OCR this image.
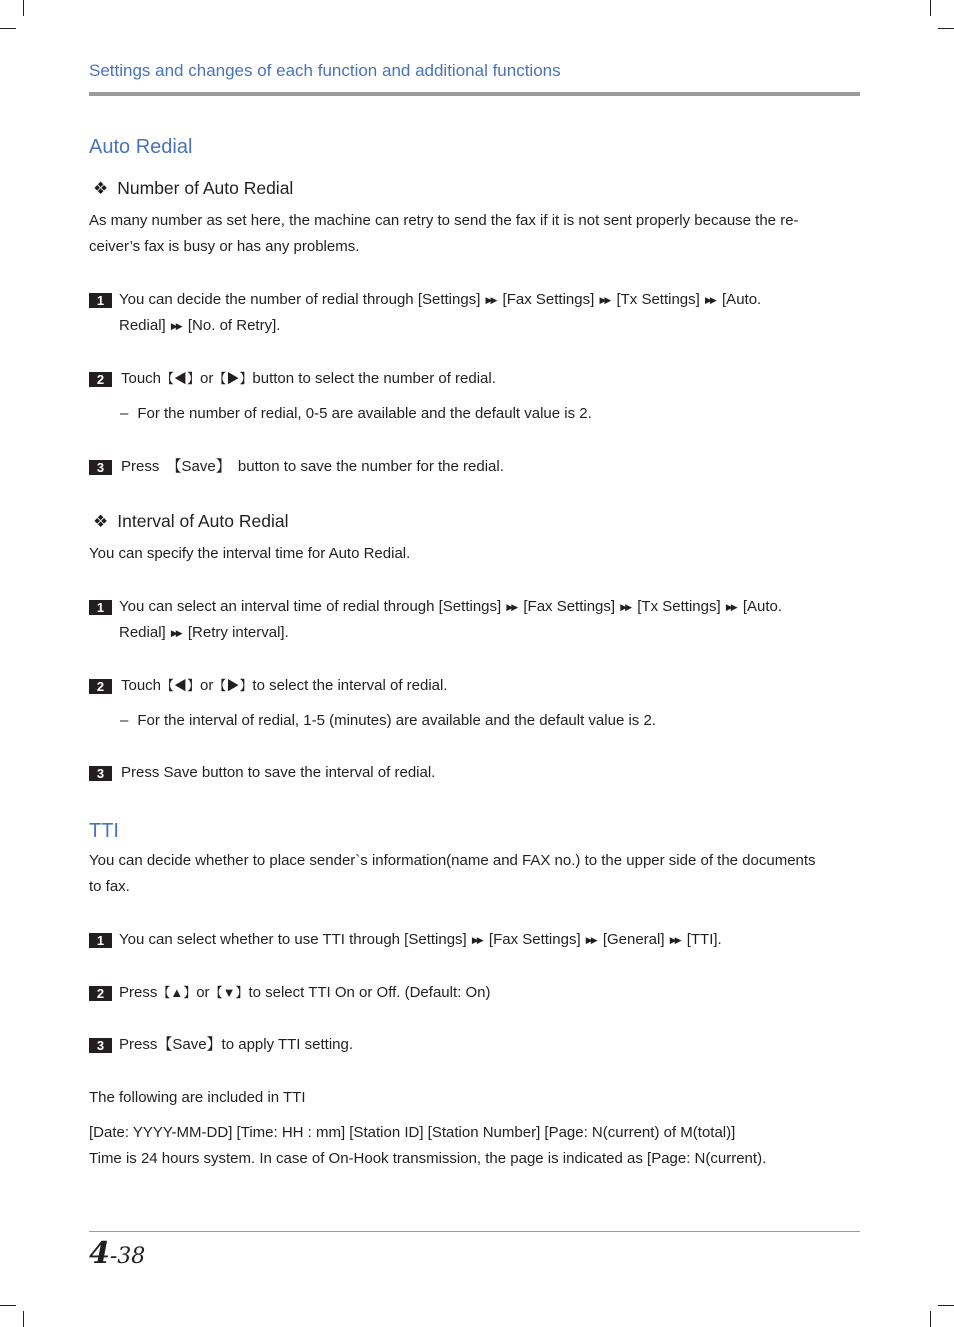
Settings and changes of each function and additional functions
Auto Redial
❖ Number of Auto Redial
As many number as set here, the machine can retry to send the fax if it is not sent properly because the re-
ceiver’s fax is busy or has any problems.
1 You can decide the number of redial through [Settings] ▶▶ [Fax Settings] ▶▶ [Tx Settings] ▶▶ [Auto.
Redial] ▶▶ [No. of Retry].
2	Touch【◀】or【▶】button to select the number of redial.
– For the number of redial, 0-5 are available and the default value is 2.
3	Press 【Save】 button to save the number for the redial.
❖ Interval of Auto Redial
You can specify the interval time for Auto Redial.
1 You can select an interval time of redial through [Settings] ▶▶ [Fax Settings] ▶▶ [Tx Settings] ▶▶ [Auto.
Redial] ▶▶ [Retry interval].
2	Touch【◀】or【▶】to select the interval of redial.
– For the interval of redial, 1-5 (minutes) are available and the default value is 2.
3	Press Save button to save the interval of redial.
TTI
You can decide whether to place sender`s information(name and FAX no.) to the upper side of the documents
to fax.
1 You can select whether to use TTI through [Settings] ▶▶ [Fax Settings] ▶▶ [General] ▶▶ [TTI].
2 Press【▲】or【▼】to select TTI On or Off. (Default: On)
3 Press【Save】to apply TTI setting.
The following are included in TTI
[Date: YYYY-MM-DD] [Time: HH : mm] [Station ID] [Station Number] [Page: N(current) of M(total)]
Time is 24 hours system. In case of On-Hook transmission, the page is indicated as [Page: N(current).
4-38
